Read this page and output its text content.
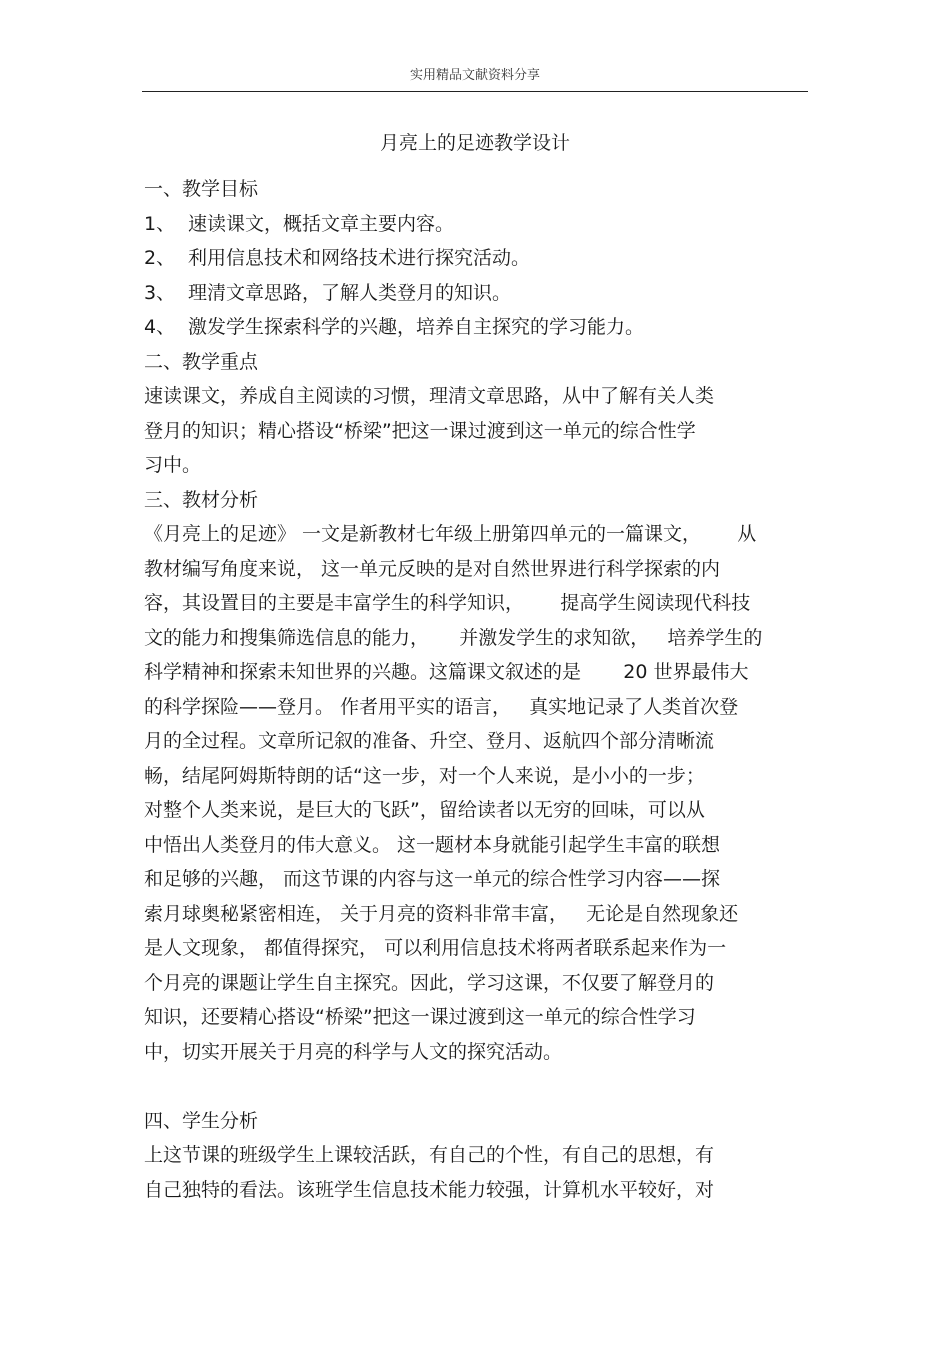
实用精品文献资料分享
月亮上的足迹教学设计
一、教学目标
1、 速读课文，概括文章主要内容。
2、 利用信息技术和网络技术进行探究活动。
3、 理清文章思路，了解人类登月的知识。
4、 激发学生探索科学的兴趣，培养自主探究的学习能力。
二、教学重点
速读课文，养成自主阅读的习惯，理清文章思路，从中了解有关人类
登月的知识；精心搭设“桥梁”把这一课过渡到这一单元的综合性学
习中。
三、教材分析
《月亮上的足迹》 一文是新教材七年级上册第四单元的一篇课文，      从
教材编写角度来说， 这一单元反映的是对自然世界进行科学探索的内
容，其设置目的主要是丰富学生的科学知识，      提高学生阅读现代科技
文的能力和搜集筛选信息的能力，     并激发学生的求知欲，   培养学生的
科学精神和探索未知世界的兴趣。这篇课文叙述的是       20 世界最伟大
的科学探险——登月。 作者用平实的语言，   真实地记录了人类首次登
月的全过程。文章所记叙的准备、升空、登月、返航四个部分清晰流
畅，结尾阿姆斯特朗的话“这一步，对一个人来说，是小小的一步；
对整个人类来说，是巨大的飞跃”，留给读者以无穷的回味，可以从
中悟出人类登月的伟大意义。 这一题材本身就能引起学生丰富的联想
和足够的兴趣， 而这节课的内容与这一单元的综合性学习内容——探
索月球奥秘紧密相连， 关于月亮的资料非常丰富，   无论是自然现象还
是人文现象， 都值得探究， 可以利用信息技术将两者联系起来作为一
个月亮的课题让学生自主探究。因此，学习这课，不仅要了解登月的
知识，还要精心搭设“桥梁”把这一课过渡到这一单元的综合性学习
中，切实开展关于月亮的科学与人文的探究活动。
四、学生分析
上这节课的班级学生上课较活跃，有自己的个性，有自己的思想，有
自己独特的看法。该班学生信息技术能力较强，计算机水平较好，对
